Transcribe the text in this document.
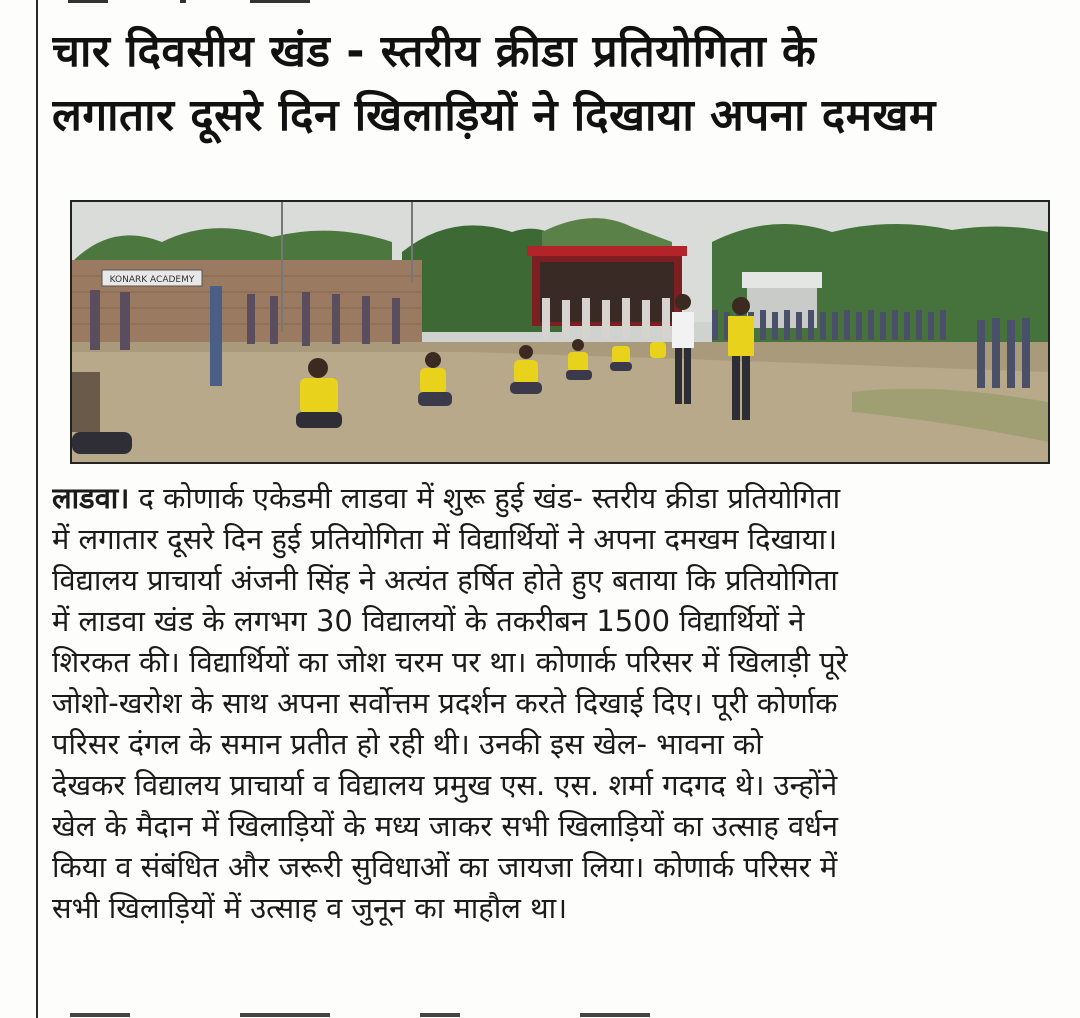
चार दिवसीय खंड - स्तरीय क्रीडा प्रतियोगिता के
लगातार दूसरे दिन खिलाड़ियों ने दिखाया अपना दमखम
KONARK ACADEMY
लाडवा। द कोणार्क एकेडमी लाडवा में शुरू हुई खंड- स्तरीय क्रीडा प्रतियोगिता
में लगातार दूसरे दिन हुई प्रतियोगिता में विद्यार्थियों ने अपना दमखम दिखाया।
विद्यालय प्राचार्या अंजनी सिंह ने अत्यंत हर्षित होते हुए बताया कि प्रतियोगिता
में लाडवा खंड के लगभग 30 विद्यालयों के तकरीबन 1500 विद्यार्थियों ने
शिरकत की। विद्यार्थियों का जोश चरम पर था। कोणार्क परिसर में खिलाड़ी पूरे
जोशो-खरोश के साथ अपना सर्वोत्तम प्रदर्शन करते दिखाई दिए। पूरी कोर्णाक
परिसर दंगल के समान प्रतीत हो रही थी। उनकी इस खेल- भावना को
देखकर विद्यालय प्राचार्या व विद्यालय प्रमुख एस. एस. शर्मा गदगद थे। उन्होंने
खेल के मैदान में खिलाड़ियों के मध्य जाकर सभी खिलाड़ियों का उत्साह वर्धन
किया व संबंधित और जरूरी सुविधाओं का जायजा लिया। कोणार्क परिसर में
सभी खिलाड़ियों में उत्साह व जुनून का माहौल था।
